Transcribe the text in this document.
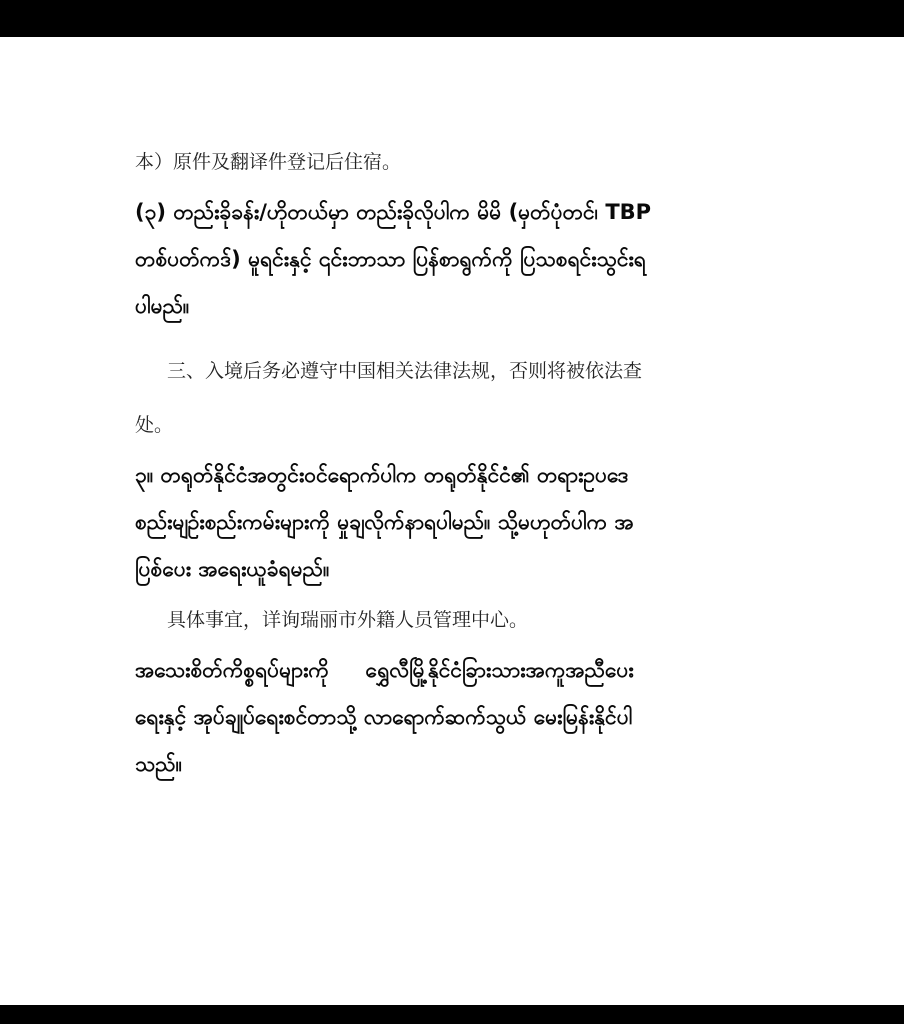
本）原件及翻译件登记后住宿。

(၃) တည်းခိုခန်း/ဟိုတယ်မှာ တည်းခိုလိုပါက မိမိ (မှတ်ပုံတင်၊ TBP
တစ်ပတ်ကဒ်) မူရင်းနှင့် ၎င်းဘာသာ ပြန်စာရွက်ကို ပြသစရင်းသွင်းရ
ပါမည်။

三、入境后务必遵守中国相关法律法规，否则将被依法查
处。

၃။ တရုတ်နိုင်ငံအတွင်းဝင်ရောက်ပါက တရုတ်နိုင်ငံ၏ တရားဥပဒေ
စည်းမျဉ်းစည်းကမ်းများကို မှုချလိုက်နာရပါမည်။ သို့မဟုတ်ပါက အ
ပြစ်ပေး အရေးယူခံရမည်။

具体事宜，详询瑞丽市外籍人员管理中心。

အသေးစိတ်ကိစ္စရပ်များကို     ရွှေလီမြို့နိုင်ငံခြားသားအကူအညီပေး
ရေးနှင့် အုပ်ချုပ်ရေးစင်တာသို့ လာရောက်ဆက်သွယ် မေးမြန်းနိုင်ပါ
သည်။
